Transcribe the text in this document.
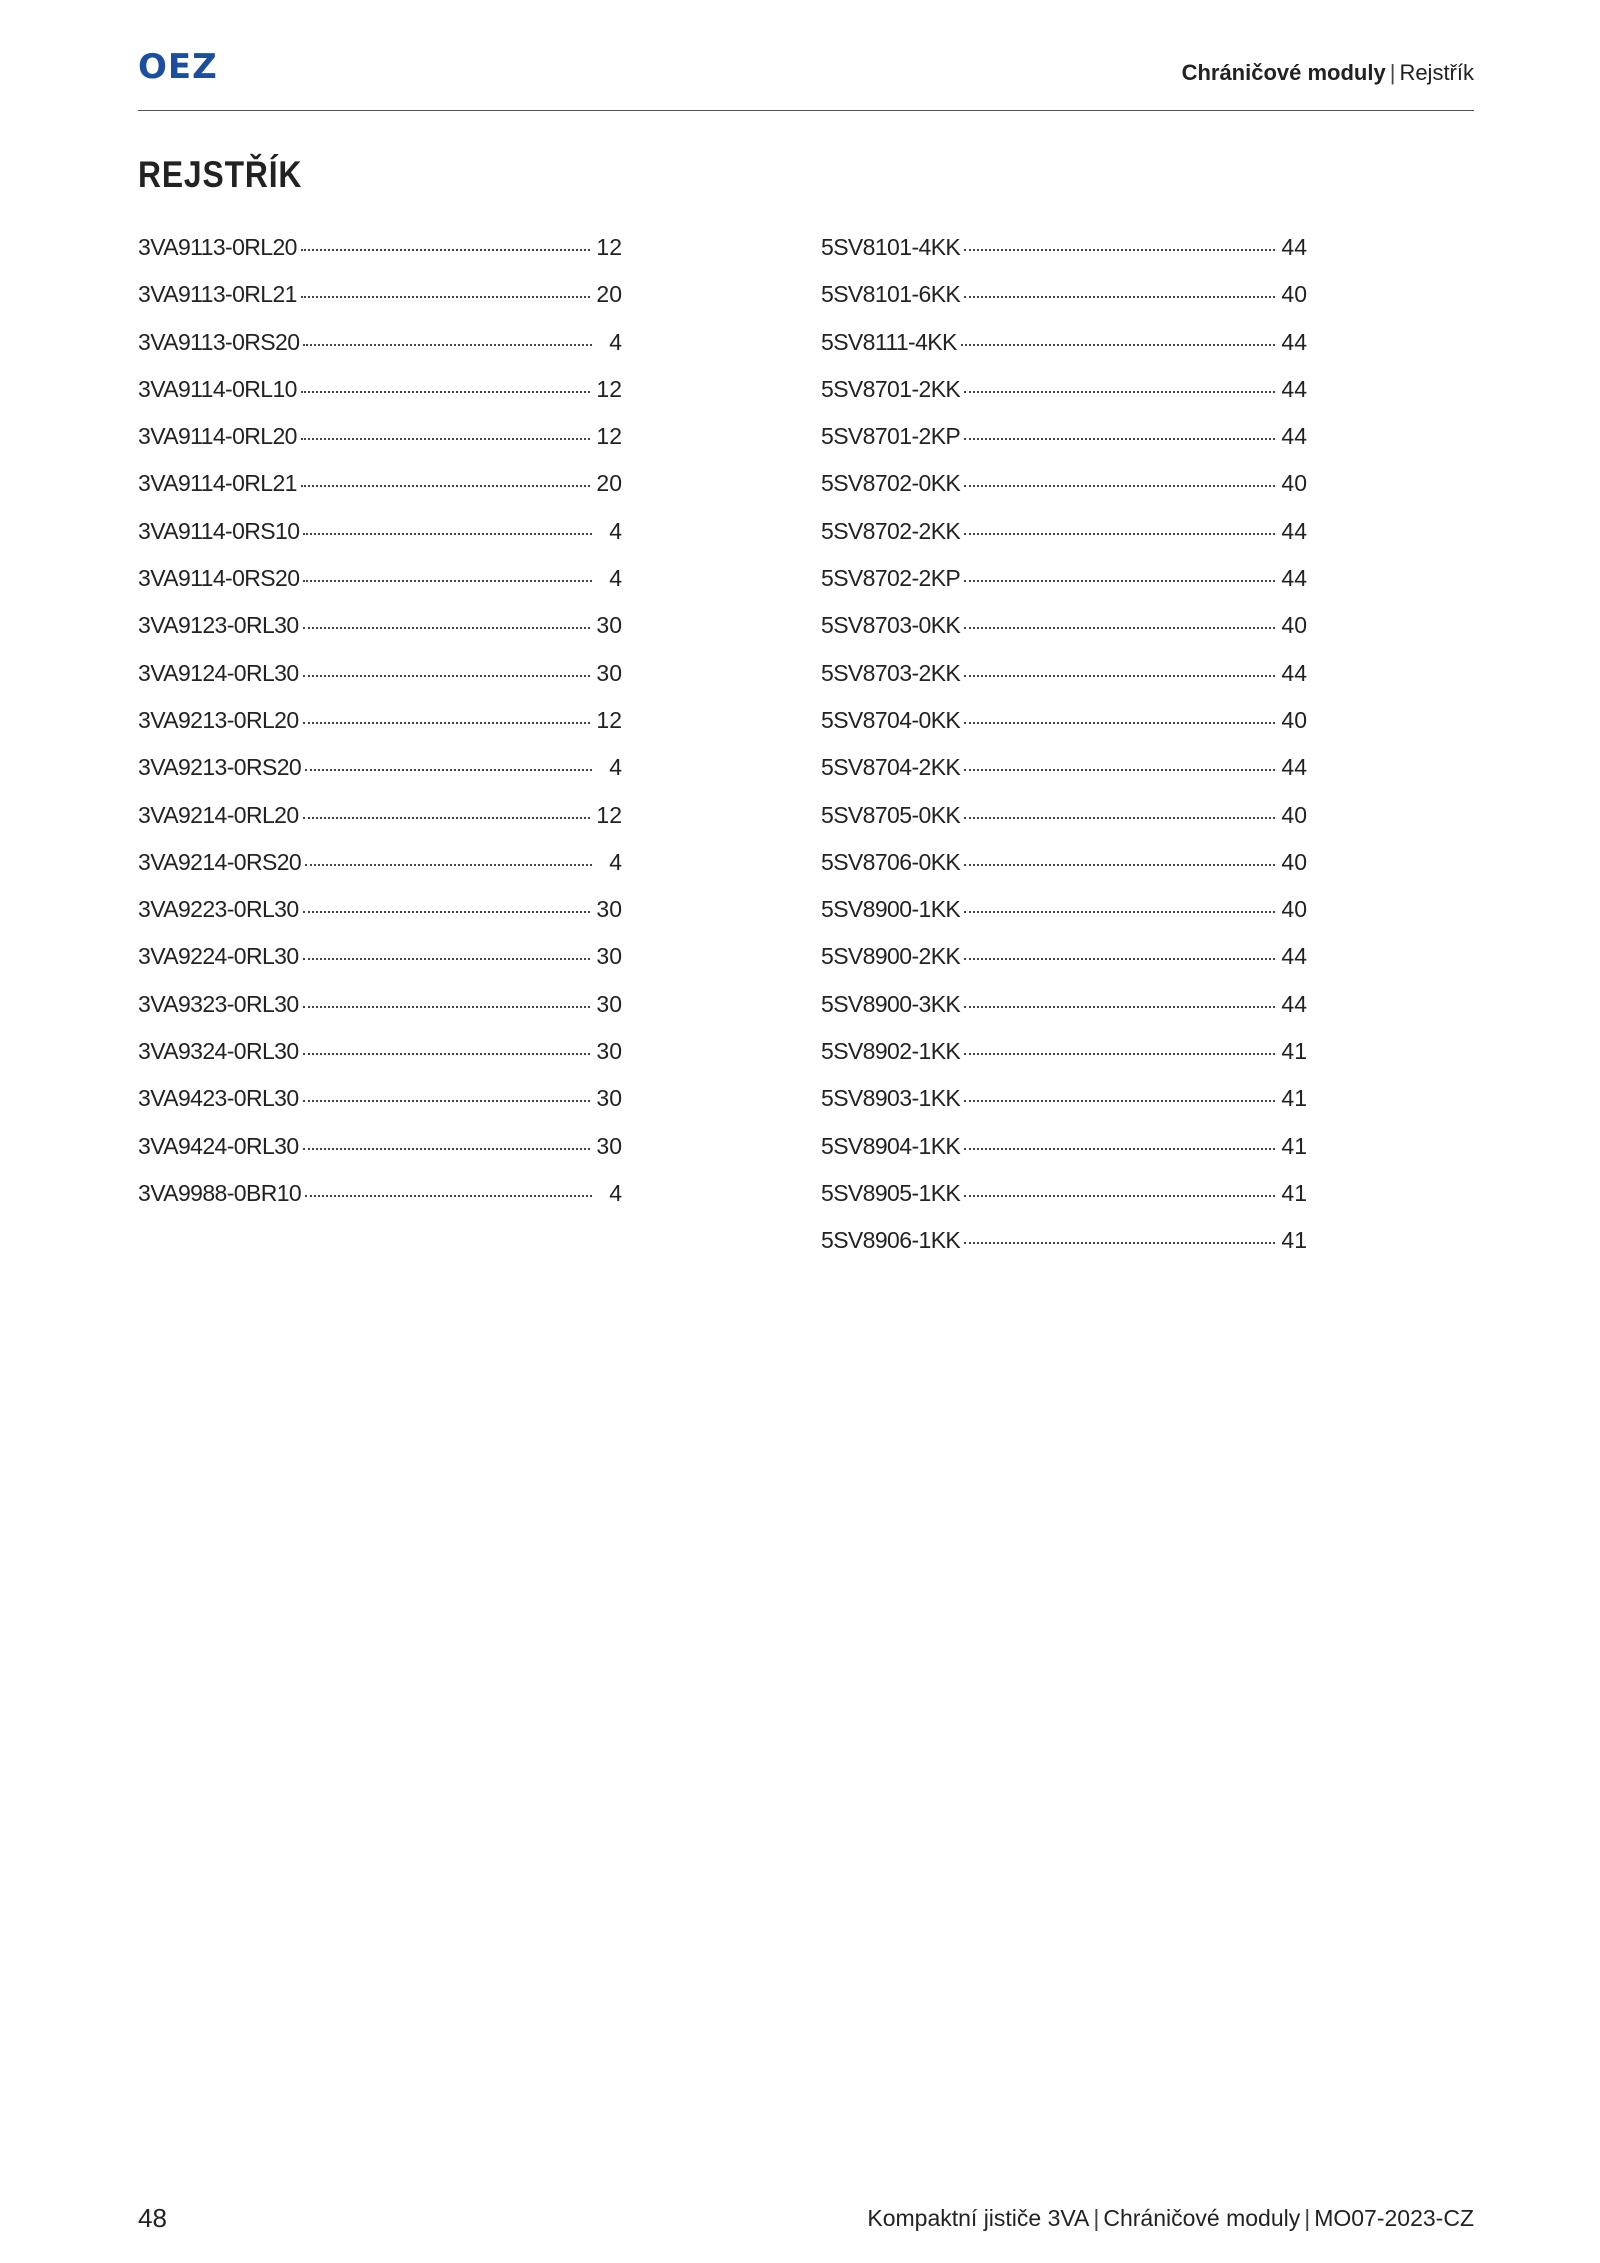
OEZ	Chráničové moduly | Rejstřík
REJSTŘÍK
3VA9113-0RL20	12
3VA9113-0RL21	20
3VA9113-0RS20	4
3VA9114-0RL10	12
3VA9114-0RL20	12
3VA9114-0RL21	20
3VA9114-0RS10	4
3VA9114-0RS20	4
3VA9123-0RL30	30
3VA9124-0RL30	30
3VA9213-0RL20	12
3VA9213-0RS20	4
3VA9214-0RL20	12
3VA9214-0RS20	4
3VA9223-0RL30	30
3VA9224-0RL30	30
3VA9323-0RL30	30
3VA9324-0RL30	30
3VA9423-0RL30	30
3VA9424-0RL30	30
3VA9988-0BR10	4
5SV8101-4KK	44
5SV8101-6KK	40
5SV8111-4KK	44
5SV8701-2KK	44
5SV8701-2KP	44
5SV8702-0KK	40
5SV8702-2KK	44
5SV8702-2KP	44
5SV8703-0KK	40
5SV8703-2KK	44
5SV8704-0KK	40
5SV8704-2KK	44
5SV8705-0KK	40
5SV8706-0KK	40
5SV8900-1KK	40
5SV8900-2KK	44
5SV8900-3KK	44
5SV8902-1KK	41
5SV8903-1KK	41
5SV8904-1KK	41
5SV8905-1KK	41
5SV8906-1KK	41
48	Kompaktní jističe 3VA | Chráničové moduly | MO07-2023-CZ
